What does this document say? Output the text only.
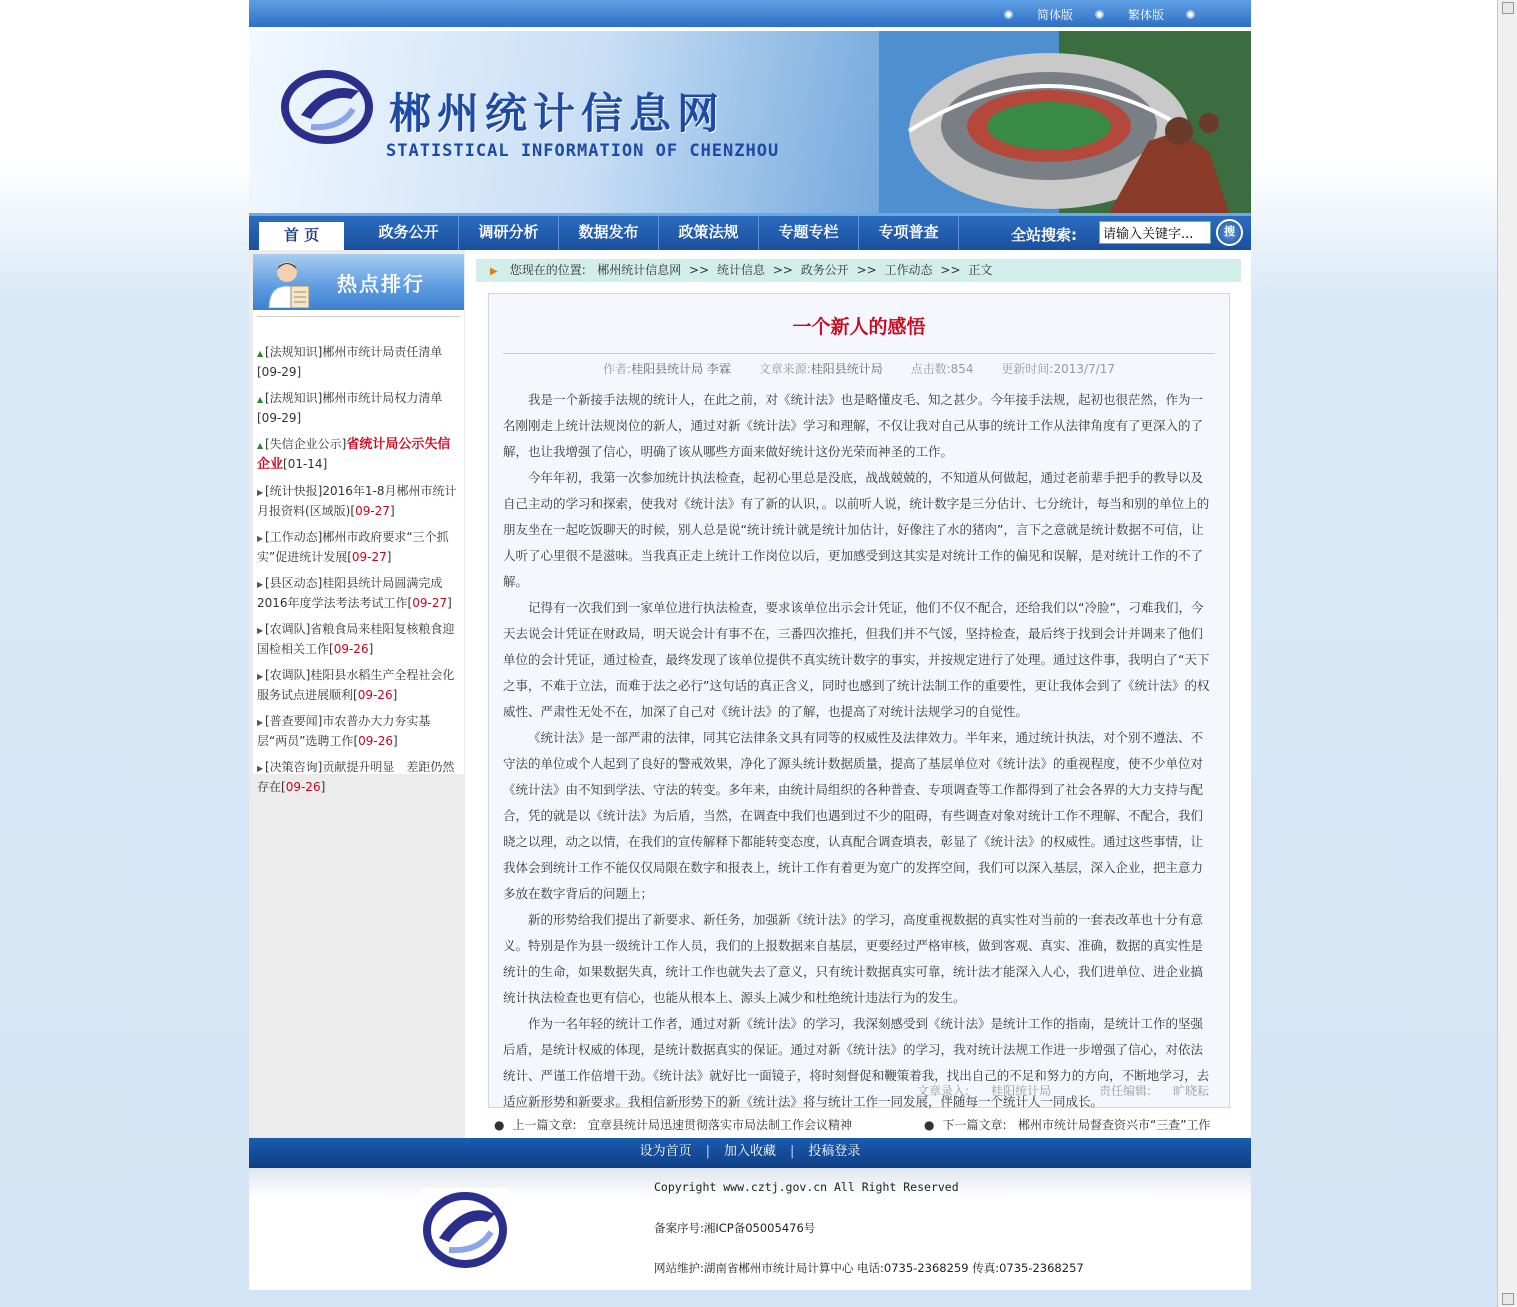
简体版	繁体版
郴州统计信息网
STATISTICAL INFORMATION OF CHENZHOU
首 页	政务公开	调研分析	数据发布	政策法规	专题专栏	专项普查	全站搜索:
请输入关键字...	搜
热点排行
▲ [法规知识]郴州市统计局责任清单[09-29]
▲ [法规知识]郴州市统计局权力清单[09-29]
▲ [失信企业公示]省统计局公示失信企业[01-14]
▶ [统计快报]2016年1-8月郴州市统计月报资料(区域版)[09-27]
▶ [工作动态]郴州市政府要求“三个抓实”促进统计发展[09-27]
▶ [县区动态]桂阳县统计局圆满完成2016年度学法考法考试工作[09-27]
▶ [农调队]省粮食局来桂阳复核粮食迎国检相关工作[09-26]
▶ [农调队]桂阳县水稻生产全程社会化服务试点进展顺利[09-26]
▶ [普查要闻]市农普办大力夯实基层“两员”选聘工作[09-26]
▶ [决策咨询]贡献提升明显　差距仍然存在[09-26]
▶ 您现在的位置: 郴州统计信息网 >> 统计信息 >> 政务公开 >> 工作动态 >> 正文
一个新人的感悟
作者:桂阳县统计局 李霖 文章来源:桂阳县统计局 点击数:854 更新时间:2013/7/17

我是一个新接手法规的统计人，在此之前，对《统计法》也是略懂皮毛、知之甚少。今年接手法规，起初也很茫然，作为一名刚刚走上统计法规岗位的新人，通过对新《统计法》学习和理解，不仅让我对自己从事的统计工作从法律角度有了更深入的了解，也让我增强了信心，明确了该从哪些方面来做好统计这份光荣而神圣的工作。

今年年初，我第一次参加统计执法检查，起初心里总是没底，战战兢兢的，不知道从何做起，通过老前辈手把手的教导以及自己主动的学习和探索，使我对《统计法》有了新的认识，。以前听人说，统计数字是三分估计、七分统计，每当和别的单位上的朋友坐在一起吃饭聊天的时候，别人总是说“统计统计就是统计加估计，好像注了水的猪肉”，言下之意就是统计数据不可信，让人听了心里很不是滋味。当我真正走上统计工作岗位以后，更加感受到这其实是对统计工作的偏见和误解，是对统计工作的不了解。

记得有一次我们到一家单位进行执法检查，要求该单位出示会计凭证，他们不仅不配合，还给我们以“冷脸”，刁难我们，今天去说会计凭证在财政局，明天说会计有事不在，三番四次推托，但我们并不气馁，坚持检查，最后终于找到会计并调来了他们单位的会计凭证，通过检查，最终发现了该单位提供不真实统计数字的事实，并按规定进行了处理。通过这件事，我明白了“天下之事，不难于立法，而难于法之必行”这句话的真正含义，同时也感到了统计法制工作的重要性，更让我体会到了《统计法》的权威性、严肃性无处不在，加深了自己对《统计法》的了解，也提高了对统计法规学习的自觉性。

《统计法》是一部严肃的法律，同其它法律条文具有同等的权威性及法律效力。半年来，通过统计执法，对个别不遵法、不守法的单位或个人起到了良好的警戒效果，净化了源头统计数据质量，提高了基层单位对《统计法》的重视程度，使不少单位对《统计法》由不知到学法、守法的转变。多年来，由统计局组织的各种普查、专项调查等工作都得到了社会各界的大力支持与配合，凭的就是以《统计法》为后盾，当然，在调查中我们也遇到过不少的阻碍，有些调查对象对统计工作不理解、不配合，我们晓之以理，动之以情，在我们的宣传解释下都能转变态度，认真配合调查填表，彰显了《统计法》的权威性。通过这些事情，让我体会到统计工作不能仅仅局限在数字和报表上，统计工作有着更为宽广的发挥空间，我们可以深入基层，深入企业，把主意力多放在数字背后的问题上；

新的形势给我们提出了新要求、新任务，加强新《统计法》的学习，高度重视数据的真实性对当前的一套表改革也十分有意义。特别是作为县一级统计工作人员，我们的上报数据来自基层，更要经过严格审核，做到客观、真实、准确，数据的真实性是统计的生命，如果数据失真，统计工作也就失去了意义，只有统计数据真实可靠，统计法才能深入人心，我们进单位、进企业搞统计执法检查也更有信心，也能从根本上、源头上减少和杜绝统计违法行为的发生。

作为一名年轻的统计工作者，通过对新《统计法》的学习，我深刻感受到《统计法》是统计工作的指南，是统计工作的坚强后盾，是统计权威的体现，是统计数据真实的保证。通过对新《统计法》的学习，我对统计法规工作进一步增强了信心，对依法统计、严谨工作倍增干劲。《统计法》就好比一面镜子，将时刻督促和鞭策着我，找出自己的不足和努力的方向，不断地学习，去适应新形势和新要求。我相信新形势下的新《统计法》将与统计工作一同发展，伴随每一个统计人一同成长。

文章录入: 桂阳统计局	责任编辑: 旷晓耘
● 上一篇文章: 宜章县统计局迅速贯彻落实市局法制工作会议精神	● 下一篇文章: 郴州市统计局督查资兴市“三查”工作
设为首页 | 加入收藏 | 投稿登录
Copyright www.cztj.gov.cn All Right Reserved
备案序号:湘ICP备05005476号
网站维护:湖南省郴州市统计局计算中心 电话:0735-2368259 传真:0735-2368257
